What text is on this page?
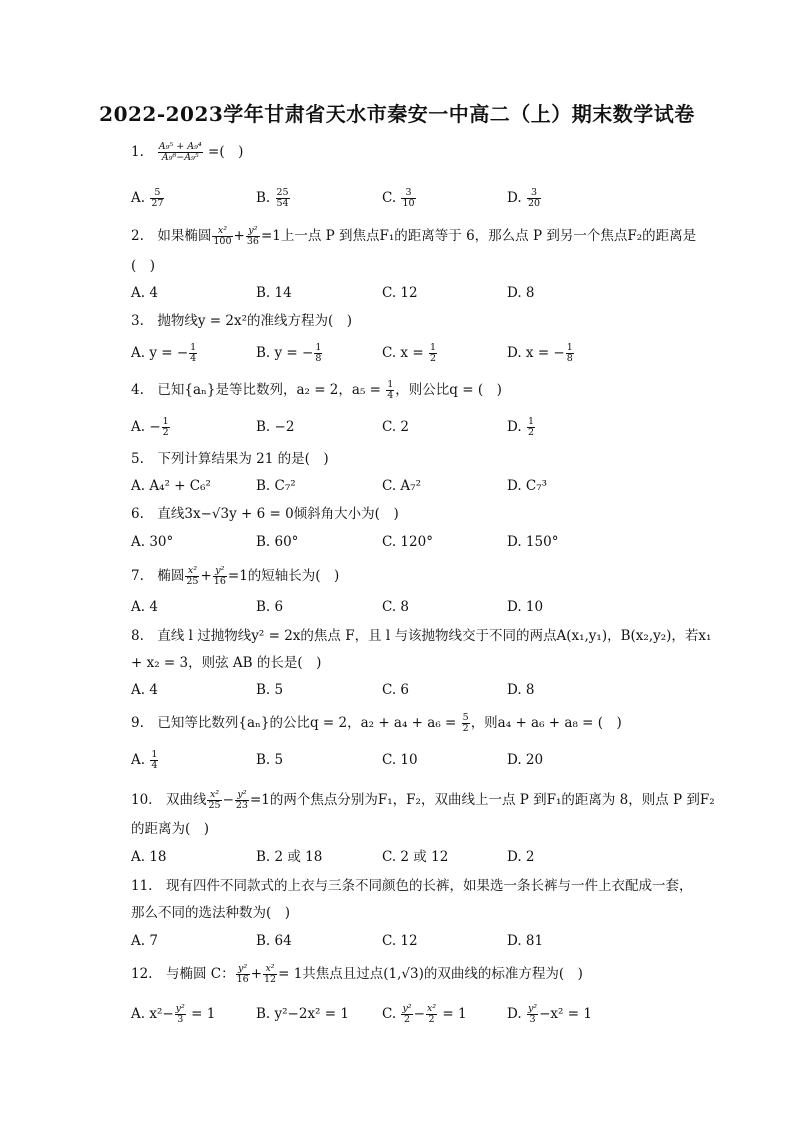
2022-2023学年甘肃省天水市秦安一中高二（上）期末数学试卷
1. $\frac{\text{A₉⁵ + A₉⁴}}{\text{A₉⁶−A₉⁵}}$ =(　)
A. $\frac{5}{27}$	B. $\frac{25}{54}$	C. $\frac{3}{10}$	D. $\frac{3}{20}$
2.　如果椭圆 $\frac{\text{x²}}{100} + \frac{\text{y²}}{36} =1$上一点 P 到焦点F₁的距离等于 6，那么点 P 到另一个焦点F₂的距离是
(　)
A. 4	B. 14	C. 12	D. 8
3.　抛物线y = 2x²的准线方程为(　)
A. y = − $\frac{1}{4}$	B. y = − $\frac{1}{8}$	C. $x = \frac{1}{2}$	D. x = − $\frac{1}{8}$
4.　已知{aₙ}是等比数列，a₂ = 2，$a_5 = \frac{1}{4}$ ，则公比q = (　)
A. − $\frac{1}{2}$	B. −2	C. 2	D. $\frac{1}{2}$
5.　下列计算结果为 21 的是(　)
A. A₄² + C₆²	B. C₇²	C. A₇²	D. C₇³
6.　直线3x−√3y + 6 = 0倾斜角大小为(　)
A. 30°	B. 60°	C. 120°	D. 150°
7.　椭圆 $\frac{\text{x²}}{25} + \frac{\text{y²}}{16} =1$的短轴长为(　)
A. 4	B. 6	C. 8	D. 10
8.　直线 l 过抛物线y² = 2x的焦点 F，且 l 与该抛物线交于不同的两点A(x₁,y₁)，B(x₂,y₂)，若x₁
+ x₂ = 3，则弦 AB 的长是(　)
A. 4	B. 5	C. 6	D. 8
9.　已知等比数列{aₙ}的公比q = 2，$a_2 + a_4 + a_6 = \frac{5}{2}$ ，则a₄ + a₆ + a₈ = (　)
A. $\frac{1}{4}$	B. 5	C. 10	D. 20
10.　双曲线 $\frac{\text{x²}}{25} - \frac{\text{y²}}{23} =1$的两个焦点分别为F₁，F₂，双曲线上一点 P 到F₁的距离为 8，则点 P 到F₂
的距离为(　)
A. 18	B. 2 或 18	C. 2 或 12	D. 2
11.　现有四件不同款式的上衣与三条不同颜色的长裤，如果选一条长裤与一件上衣配成一套，
那么不同的选法种数为(　)
A. 7	B. 64	C. 12	D. 81
12.　与椭圆 C： $\frac{\text{y²}}{16} + \frac{\text{x²}}{12} = 1$共焦点且过点(1,√3)的双曲线的标准方程为(　)
A. $x^2- \frac{\text{y²}}{3} = 1$	B. y²−2x² = 1 C. $\frac{\text{y²}}{2} - \frac{\text{x²}}{2} = 1$	D. $\frac{\text{y²}}{3} -x^2 = 1$
